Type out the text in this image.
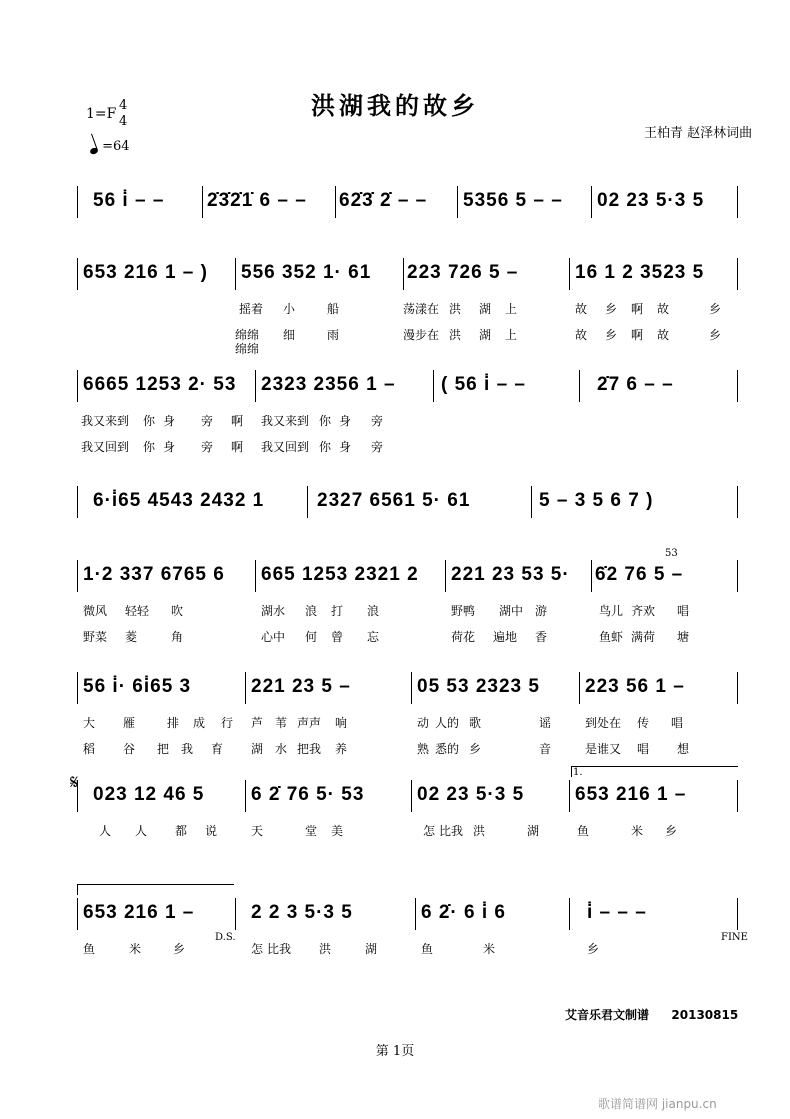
洪湖我的故乡
1=F
4
4
=64
王柏青 赵泽林词曲
56 i̇ – – 2̇3̇2̇1̇ 6 – – 62̇3̇ 2̇ – – 5356 5 – – 02 23 5·3 5
653 216 1 – ) 556 352 1· 61 223 726 5 –	16 1 2 3523 5
摇着 小	船	荡漾在 洪 湖 上	故 乡 啊 故	乡
绵绵 细	雨	漫步在 洪 湖 上	故 乡 啊 故	乡
绵绵
6665 1253 2· 53 2323 2356 1 – ( 56 i̇ – –	2̇7 6 – –
我又来到 你 身 旁 啊 我又来到 你 身 旁
我又回到 你 身 旁 啊 我又回到 你 身 旁
6·i̇65 4543 2432 1	2327 6561 5· 61	5 – 3 5 6 7 )
1·2 337 6765 6 665 1253 2321 2 221 23 53 5· 6̇2 76 5 –
微风 轻轻 吹	湖水 浪 打 浪	野鸭 湖中 游	鸟儿 齐欢 唱
野菜 菱	角	心中 何 曾 忘	荷花 遍地 香	鱼虾 满荷 塘
53
56 i̇· 6i̇65 3	221 23 5 –	05 53 2323 5 223 56 1 –
大 雁	排 成 行 芦 苇 声声 响	动 人的 歌	谣	到处在 传 唱
稻 谷 把 我 育 湖 水 把我 养	熟 悉的 乡	音	是谁又 唱 想
023 12 46 5 6 2̇ 76 5· 53	02 23 5·3 5	653 216 1 –
人 人 都 说	天	堂 美	怎 比我 洪	湖	鱼	米 乡
1.
653 216 1 –	2 2 3 5·3 5	6 2̇· 6 i̇ 6	i̇ – – –
鱼	米	乡	怎 比我 洪	湖	鱼	米	乡
D.S.	FINE
𝄋
艾音乐君文制谱 20130815
第 1页
歌谱简谱网 jianpu.cn
